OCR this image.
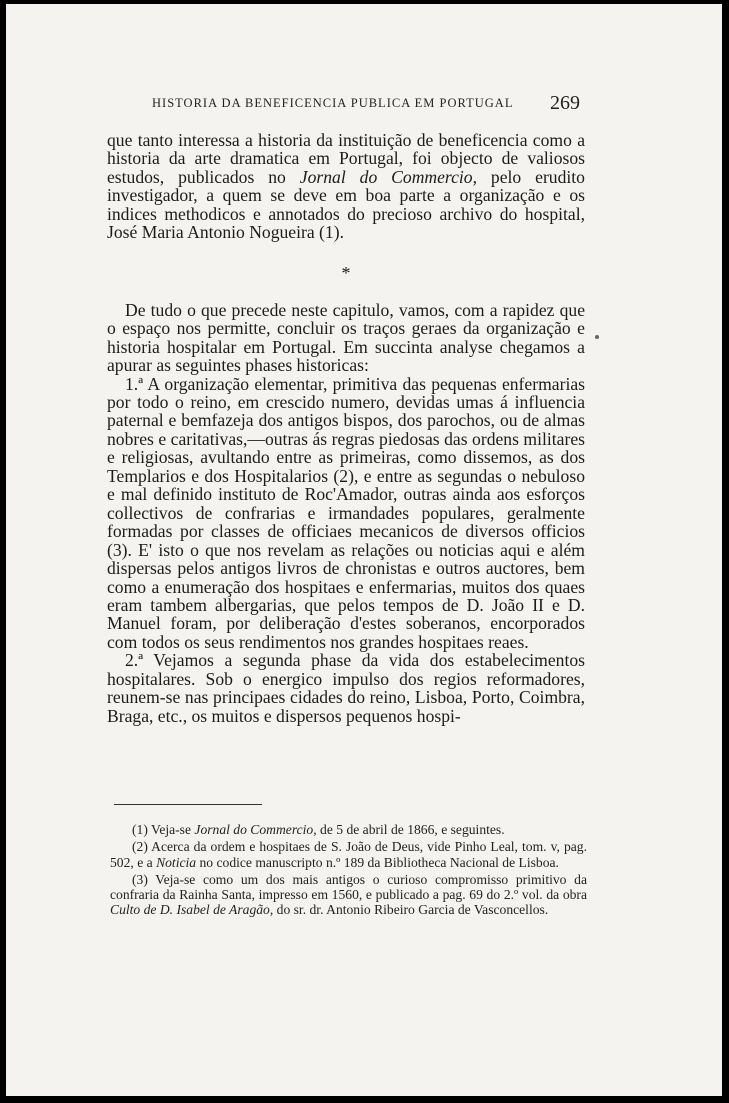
HISTORIA DA BENEFICENCIA PUBLICA EM PORTUGAL 269

que tanto interessa a historia da instituição de beneficencia como a historia da arte dramatica em Portugal, foi objecto de valiosos estudos, publicados no Jornal do Commercio, pelo erudito investigador, a quem se deve em boa parte a organização e os indices methodicos e annotados do precioso archivo do hospital, José Maria Antonio Nogueira (1).

*

De tudo o que precede neste capitulo, vamos, com a rapidez que o espaço nos permitte, concluir os traços geraes da organização e historia hospitalar em Portugal. Em succinta analyse chegamos a apurar as seguintes phases historicas:

1.ª A organização elementar, primitiva das pequenas enfermarias por todo o reino, em crescido numero, devidas umas á influencia paternal e bemfazeja dos antigos bispos, dos parochos, ou de almas nobres e caritativas,—outras ás regras piedosas das ordens militares e religiosas, avultando entre as primeiras, como dissemos, as dos Templarios e dos Hospitalarios (2), e entre as segundas o nebuloso e mal definido instituto de Roc'Amador, outras ainda aos esforços collectivos de confrarias e irmandades populares, geralmente formadas por classes de officiaes mecanicos de diversos officios (3). E' isto o que nos revelam as relações ou noticias aqui e além dispersas pelos antigos livros de chronistas e outros auctores, bem como a enumeração dos hospitaes e enfermarias, muitos dos quaes eram tambem albergarias, que pelos tempos de D. João II e D. Manuel foram, por deliberação d'estes soberanos, encorporados com todos os seus rendimentos nos grandes hospitaes reaes.

2.ª Vejamos a segunda phase da vida dos estabelecimentos hospitalares. Sob o energico impulso dos regios reformadores, reunem-se nas principaes cidades do reino, Lisboa, Porto, Coimbra, Braga, etc., os muitos e dispersos pequenos hospi-

(1) Veja-se Jornal do Commercio, de 5 de abril de 1866, e seguintes.

(2) Acerca da ordem e hospitaes de S. João de Deus, vide Pinho Leal, tom. v, pag. 502, e a Noticia no codice manuscripto n.º 189 da Bibliotheca Nacional de Lisboa.

(3) Veja-se como um dos mais antigos o curioso compromisso primitivo da confraria da Rainha Santa, impresso em 1560, e publicado a pag. 69 do 2.º vol. da obra Culto de D. Isabel de Aragão, do sr. dr. Antonio Ribeiro Garcia de Vasconcellos.
